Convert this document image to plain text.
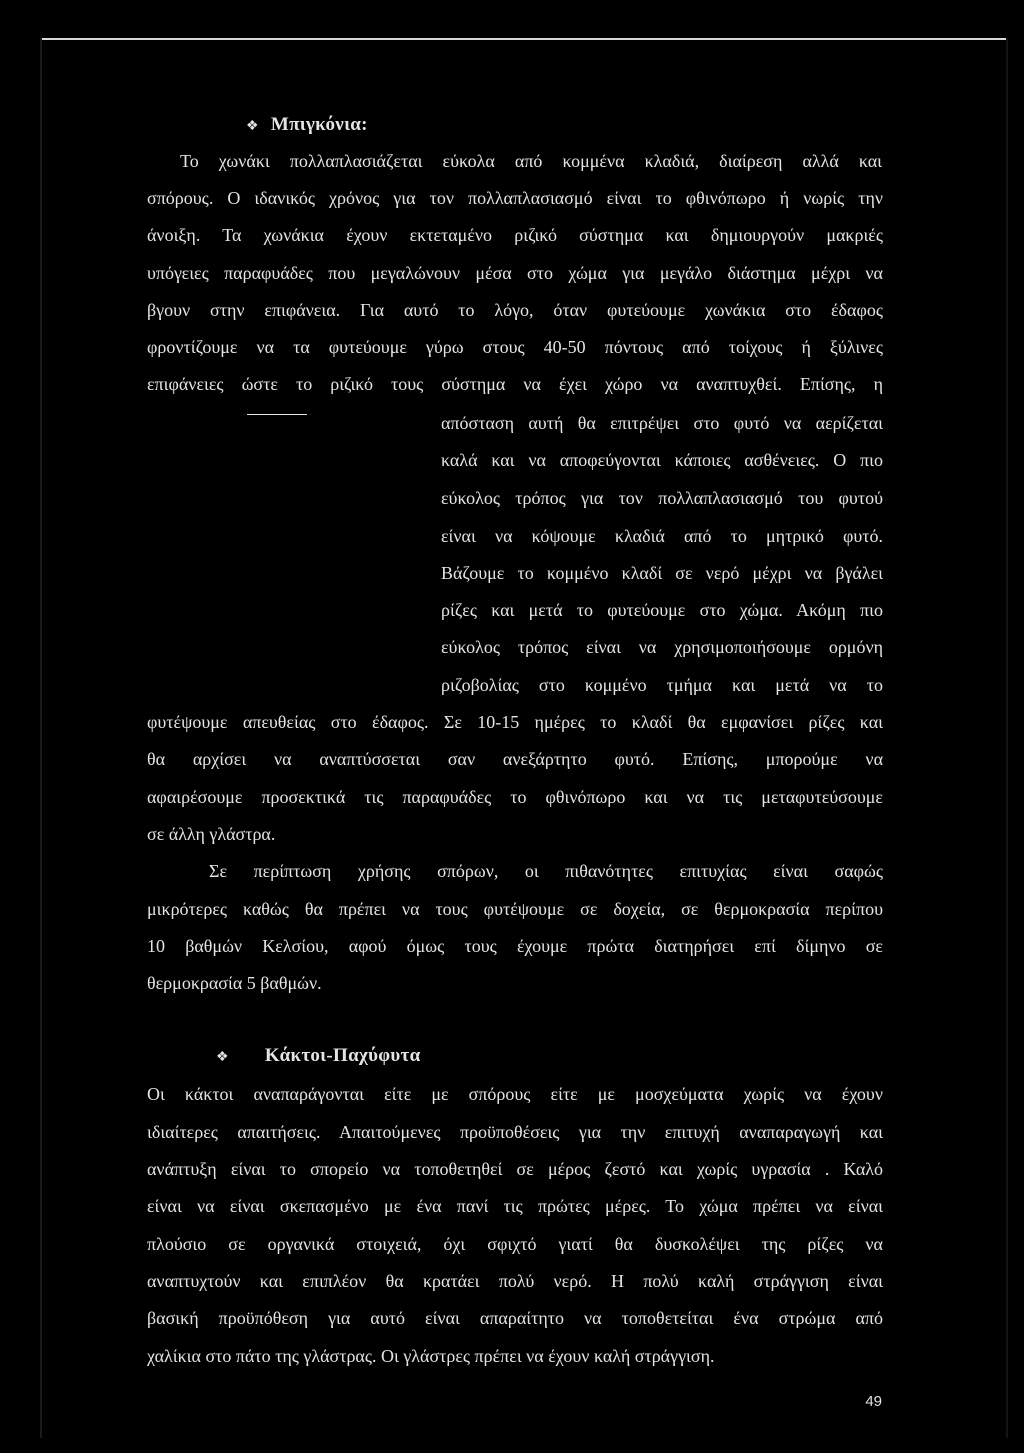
❖ Μπιγκόνια:
Το χωνάκι πολλαπλασιάζεται εύκολα από κομμένα κλαδιά, διαίρεση αλλά και
σπόρους. Ο ιδανικός χρόνος για τον πολλαπλασιασμό είναι το φθινόπωρο ή νωρίς την
άνοιξη. Τα χωνάκια έχουν εκτεταμένο ριζικό σύστημα και δημιουργούν μακριές
υπόγειες παραφυάδες που μεγαλώνουν μέσα στο χώμα για μεγάλο διάστημα μέχρι να
βγουν στην επιφάνεια. Για αυτό το λόγο, όταν φυτεύουμε χωνάκια στο έδαφος
φροντίζουμε να τα φυτεύουμε γύρω στους 40-50 πόντους από τοίχους ή ξύλινες
επιφάνειες ώστε το ριζικό τους σύστημα να έχει χώρο να αναπτυχθεί. Επίσης, η
απόσταση αυτή θα επιτρέψει στο φυτό να αερίζεται
καλά και να αποφεύγονται κάποιες ασθένειες. Ο πιο
εύκολος τρόπος για τον πολλαπλασιασμό του φυτού
είναι να κόψουμε κλαδιά από το μητρικό φυτό.
Βάζουμε το κομμένο κλαδί σε νερό μέχρι να βγάλει
ρίζες και μετά το φυτεύουμε στο χώμα. Ακόμη πιο
εύκολος τρόπος είναι να χρησιμοποιήσουμε ορμόνη
ριζοβολίας στο κομμένο τμήμα και μετά να το
φυτέψουμε απευθείας στο έδαφος. Σε 10-15 ημέρες το κλαδί θα εμφανίσει ρίζες και
θα αρχίσει να αναπτύσσεται σαν ανεξάρτητο φυτό. Επίσης, μπορούμε να
αφαιρέσουμε προσεκτικά τις παραφυάδες το φθινόπωρο και να τις μεταφυτεύσουμε
σε άλλη γλάστρα.
Σε περίπτωση χρήσης σπόρων, οι πιθανότητες επιτυχίας είναι σαφώς
μικρότερες καθώς θα πρέπει να τους φυτέψουμε σε δοχεία, σε θερμοκρασία περίπου
10 βαθμών Κελσίου, αφού όμως τους έχουμε πρώτα διατηρήσει επί δίμηνο σε
θερμοκρασία 5 βαθμών.
❖ Κάκτοι-Παχύφυτα
Οι κάκτοι αναπαράγονται είτε με σπόρους είτε με μοσχεύματα χωρίς να έχουν
ιδιαίτερες απαιτήσεις. Απαιτούμενες προϋποθέσεις για την επιτυχή αναπαραγωγή και
ανάπτυξη είναι το σπορείο να τοποθετηθεί σε μέρος ζεστό και χωρίς υγρασία . Καλό
είναι να είναι σκεπασμένο με ένα πανί τις πρώτες μέρες. Το χώμα πρέπει να είναι
πλούσιο σε οργανικά στοιχειά, όχι σφιχτό γιατί θα δυσκολέψει της ρίζες να
αναπτυχτούν και επιπλέον θα κρατάει πολύ νερό. Η πολύ καλή στράγγιση είναι
βασική προϋπόθεση για αυτό είναι απαραίτητο να τοποθετείται ένα στρώμα από
χαλίκια στο πάτο της γλάστρας. Οι γλάστρες πρέπει να έχουν καλή στράγγιση.
49
